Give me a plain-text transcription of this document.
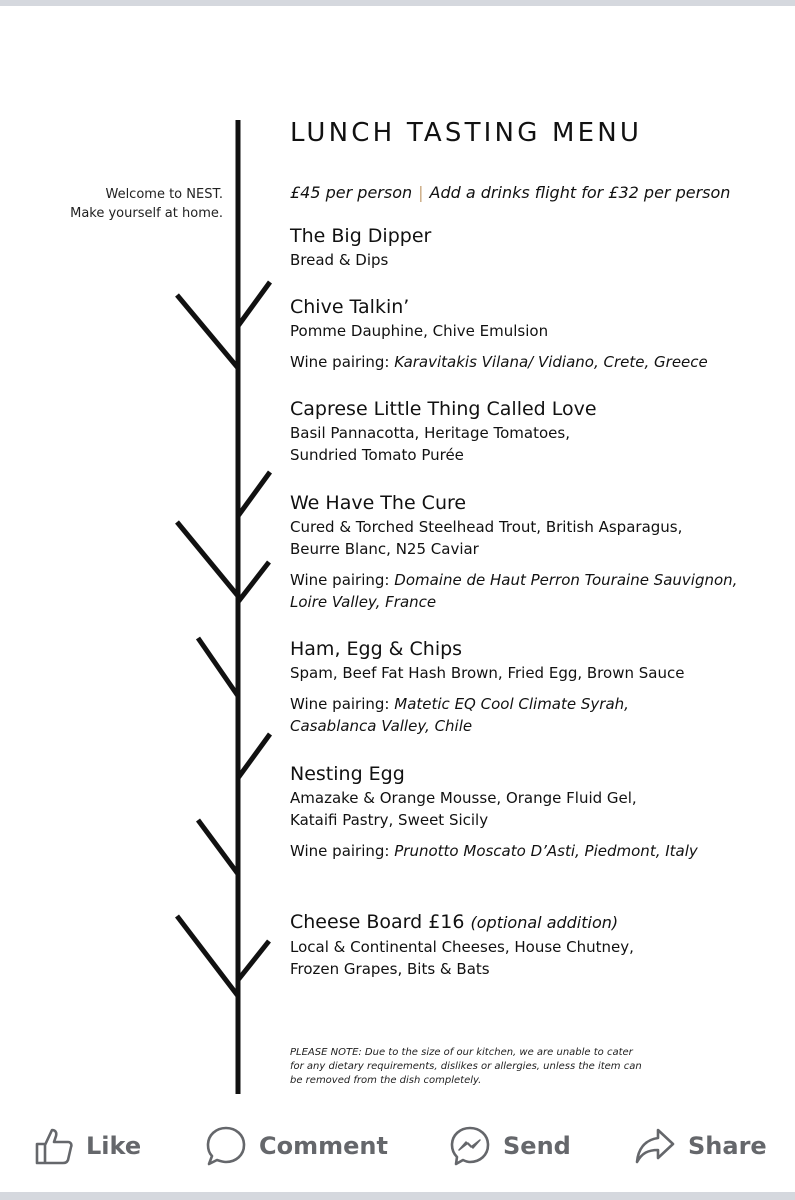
Welcome to NEST.
Make yourself at home.
LUNCH TASTING MENU
£45 per person | Add a drinks flight for £32 per person
The Big Dipper
Bread & Dips
Chive Talkin’
Pomme Dauphine, Chive Emulsion
Wine pairing: Karavitakis Vilana/ Vidiano, Crete, Greece
Caprese Little Thing Called Love
Basil Pannacotta, Heritage Tomatoes,
Sundried Tomato Purée
We Have The Cure
Cured & Torched Steelhead Trout, British Asparagus,
Beurre Blanc, N25 Caviar
Wine pairing: Domaine de Haut Perron Touraine Sauvignon,
Loire Valley, France
Ham, Egg & Chips
Spam, Beef Fat Hash Brown, Fried Egg, Brown Sauce
Wine pairing: Matetic EQ Cool Climate Syrah,
Casablanca Valley, Chile
Nesting Egg
Amazake & Orange Mousse, Orange Fluid Gel,
Kataifi Pastry, Sweet Sicily
Wine pairing: Prunotto Moscato D’Asti, Piedmont, Italy
Cheese Board £16 (optional addition)
Local & Continental Cheeses, House Chutney,
Frozen Grapes, Bits & Bats
PLEASE NOTE: Due to the size of our kitchen, we are unable to cater
for any dietary requirements, dislikes or allergies, unless the item can
be removed from the dish completely.
Like	Comment	Send	Share
